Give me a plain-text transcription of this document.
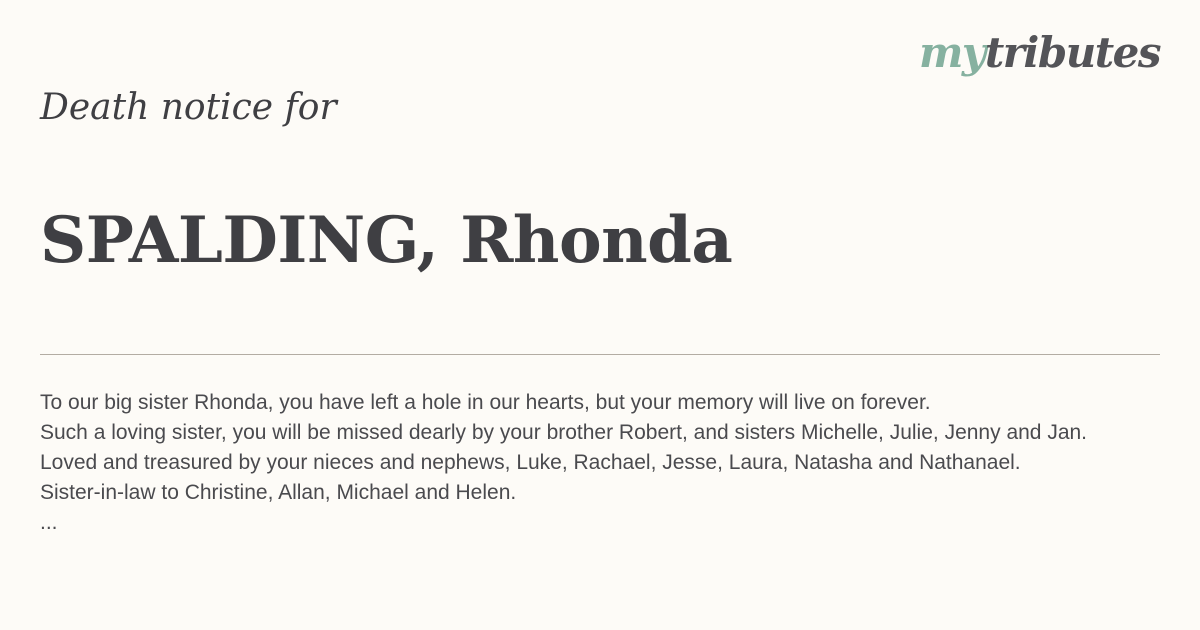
mytributes
Death notice for
SPALDING, Rhonda

To our big sister Rhonda, you have left a hole in our hearts, but your memory will live on forever.

Such a loving sister, you will be missed dearly by your brother Robert, and sisters Michelle, Julie, Jenny and Jan.

Loved and treasured by your nieces and nephews, Luke, Rachael, Jesse, Laura, Natasha and Nathanael.

Sister-in-law to Christine, Allan, Michael and Helen.

...
